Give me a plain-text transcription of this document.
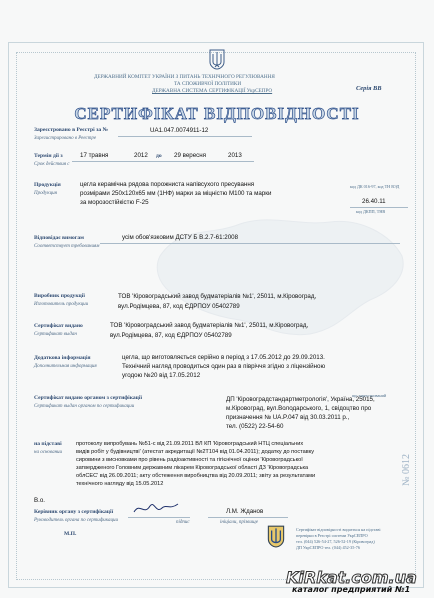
ДЕРЖАВНИЙ КОМІТЕТ УКРАЇНИ З ПИТАНЬ ТЕХНІЧНОГО РЕГУЛЮВАННЯ
ТА СПОЖИВЧОЇ ПОЛІТИКИ
ДЕРЖАВНА СИСТЕМА СЕРТИФІКАЦІЇ УкрСЕПРО	Серія ВВ
СЕРТИФІКАТ ВІДПОВІДНОСТІ
Зареєстровано в Реєстрі за №
Зарегистрировано в Реестре
UA1.047.0074911-12
Термін дії з
Срок действия с
17 травня	2012 до 29 вересня	2013
Продукція
Продукция
цегла керамічна рядова порожниста напівсухого пресування
розмірами 250х120х65 мм (1НФ) марки за міцністю М100 та марки
за морозостійкістю F-25
код ДК 016-97, код ТН ВЭД
26.40.11
код ДКПП, ТНВ
Відповідає вимогам
Соответствует требованиям
усім обов'язковим ДСТУ Б В.2.7-61:2008
Виробник продукції
Изготовитель продукции
ТОВ 'Кіровоградський завод будматеріалів №1', 25011, м.Кіровоград,
вул.Родімцева, 87, код ЄДРПОУ 05402789
Сертифікат видано
Сертификат выдан
ТОВ 'Кіровоградський завод будматеріалів №1', 25011, м.Кіровоград,
вул.Родімцева, 87, код ЄДРПОУ 05402789
Додаткова інформація
Дополнительная информация
цегла, що виготовляється серійно в період з 17.05.2012 до 29.09.2013.
Технічний нагляд проводиться один раз в півріччя згідно з ліцензійною
угодою №20 від 17.05.2012
Сертифікат видано органом з сертифікації
Сертификат выдан органом по сертификации
ДП 'Кіровоградстандартметрологія', Україна, 25015,
м.Кіровоград, вул.Володарського, 1, свідоцтво про
призначення № UA.P.047 від 30.03.2011 р.,
тел. (0522) 22-54-60
що зареєстрований
на підставі
на основании
протоколу випробувань №51-с від 21.09.2011 ВЛ КП 'Кіровоградський НТЦ спеціальних
видів робіт у будівництві' (атестат акредитації №2Т104 від 01.04.2011); додатку до поставку
сировини з висновками про рівень радіоактивності та гігієнічної оцінки 'Кіровоградської
затвердженого Головним державним лікарем Кіровоградської області ДЗ 'Кіровоградська
облСЕС' від 26.09.2011; акту обстеження виробництва від 20.09.2011; звіту за результатами
технічного нагляду від 15.05.2012
В.о.
Керівник органу з сертифікації
Руководитель органа по сертификации
М.П.
підпис
Л.М. Жданов
ініціали, прізвище
Сертифікат відповідності видається на підставі
перевірки в Реєстрі системи УкрСЕПРО
тел. (044) 526-54-27, 526-52-19 (Кіровоград)
ДП УкрСЕПРО тел. (044) 452-35-76
№ 0612
KiRkat.com.ua
каталог предприятий №1
